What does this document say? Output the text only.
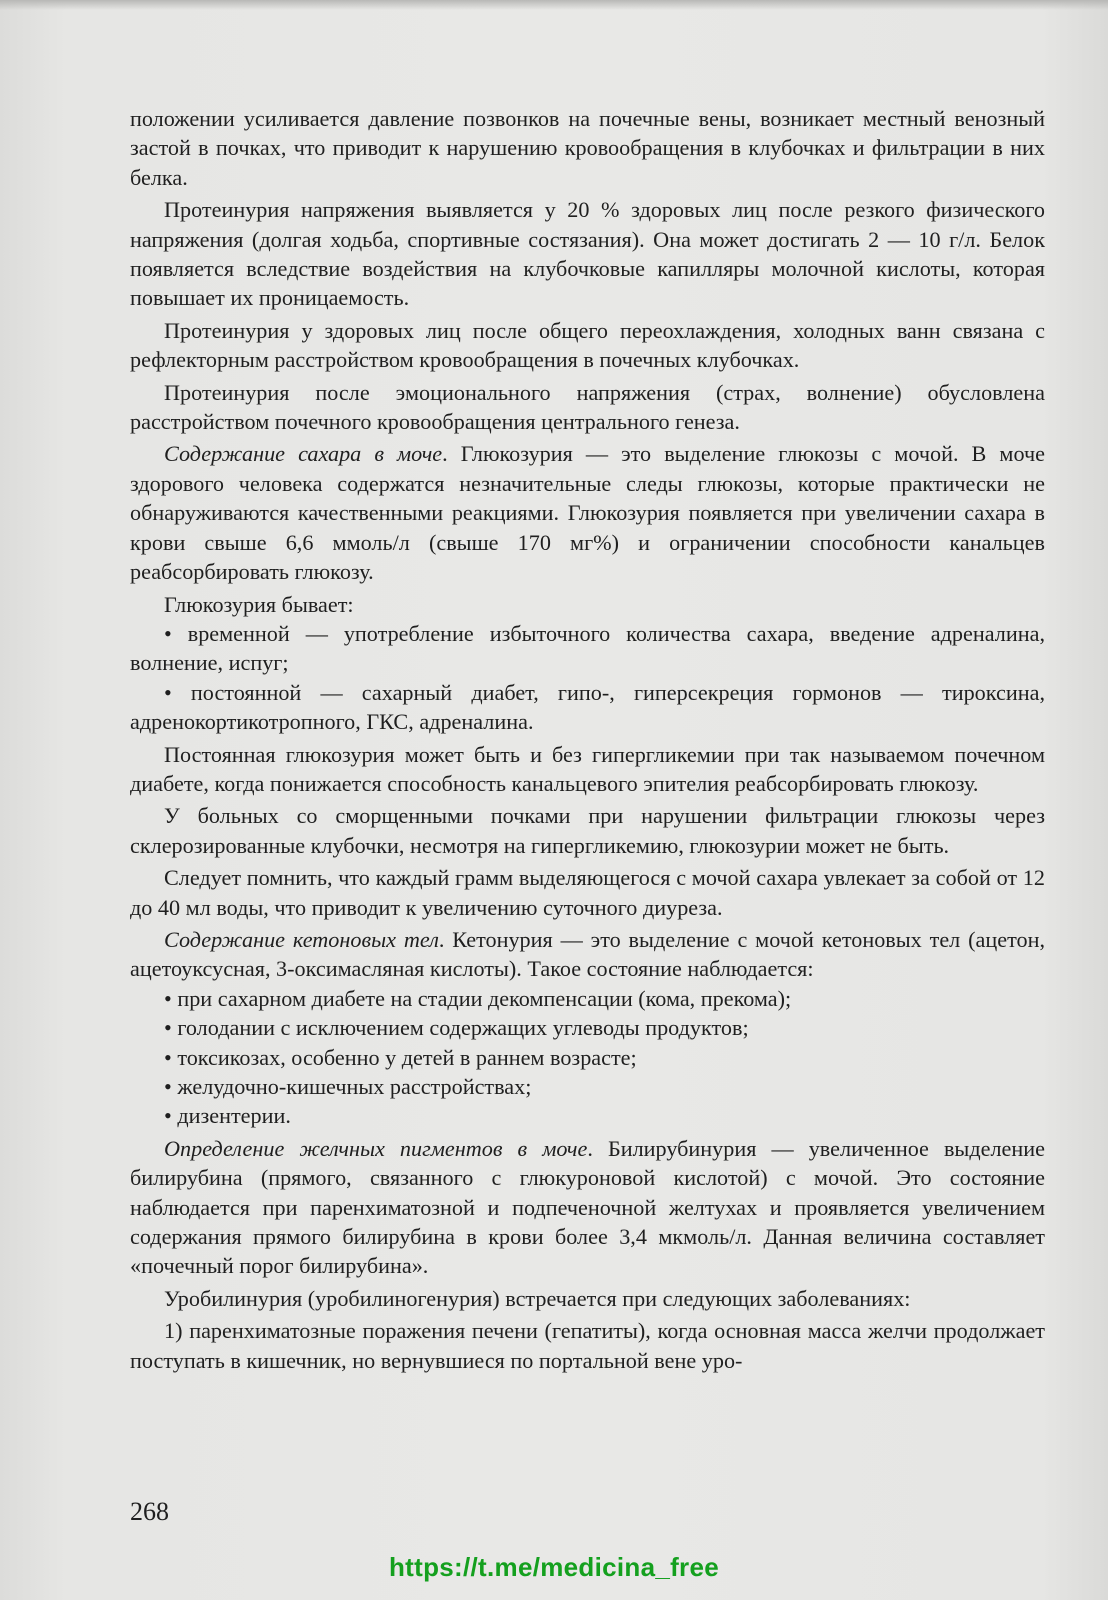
положении усиливается давление позвонков на почечные вены, возникает местный венозный застой в почках, что приводит к нарушению кровообращения в клубочках и фильтрации в них белка.

Протеинурия напряжения выявляется у 20 % здоровых лиц после резкого физического напряжения (долгая ходьба, спортивные состязания). Она может достигать 2 — 10 г/л. Белок появляется вследствие воздействия на клубочковые капилляры молочной кислоты, которая повышает их проницаемость.

Протеинурия у здоровых лиц после общего переохлаждения, холодных ванн связана с рефлекторным расстройством кровообращения в почечных клубочках.

Протеинурия после эмоционального напряжения (страх, волнение) обусловлена расстройством почечного кровообращения центрального генеза.

Содержание сахара в моче. Глюкозурия — это выделение глюкозы с мочой. В моче здорового человека содержатся незначительные следы глюкозы, которые практически не обнаруживаются качественными реакциями. Глюкозурия появляется при увеличении сахара в крови свыше 6,6 ммоль/л (свыше 170 мг%) и ограничении способности канальцев реабсорбировать глюкозу.

Глюкозурия бывает:

• временной — употребление избыточного количества сахара, введение адреналина, волнение, испуг;

• постоянной — сахарный диабет, гипо-, гиперсекреция гормонов — тироксина, адренокортикотропного, ГКС, адреналина.

Постоянная глюкозурия может быть и без гипергликемии при так называемом почечном диабете, когда понижается способность канальцевого эпителия реабсорбировать глюкозу.

У больных со сморщенными почками при нарушении фильтрации глюкозы через склерозированные клубочки, несмотря на гипергликемию, глюкозурии может не быть.

Следует помнить, что каждый грамм выделяющегося с мочой сахара увлекает за собой от 12 до 40 мл воды, что приводит к увеличению суточного диуреза.

Содержание кетоновых тел. Кетонурия — это выделение с мочой кетоновых тел (ацетон, ацетоуксусная, 3-оксимасляная кислоты). Такое состояние наблюдается:

• при сахарном диабете на стадии декомпенсации (кома, прекома);

• голодании с исключением содержащих углеводы продуктов;

• токсикозах, особенно у детей в раннем возрасте;

• желудочно-кишечных расстройствах;

• дизентерии.

Определение желчных пигментов в моче. Билирубинурия — увеличенное выделение билирубина (прямого, связанного с глюкуроновой кислотой) с мочой. Это состояние наблюдается при паренхиматозной и подпеченочной желтухах и проявляется увеличением содержания прямого билирубина в крови более 3,4 мкмоль/л. Данная величина составляет «почечный порог билирубина».

Уробилинурия (уробилиногенурия) встречается при следующих заболеваниях:

1) паренхиматозные поражения печени (гепатиты), когда основная масса желчи продолжает поступать в кишечник, но вернувшиеся по портальной вене уро-

268
https://t.me/medicina_free
